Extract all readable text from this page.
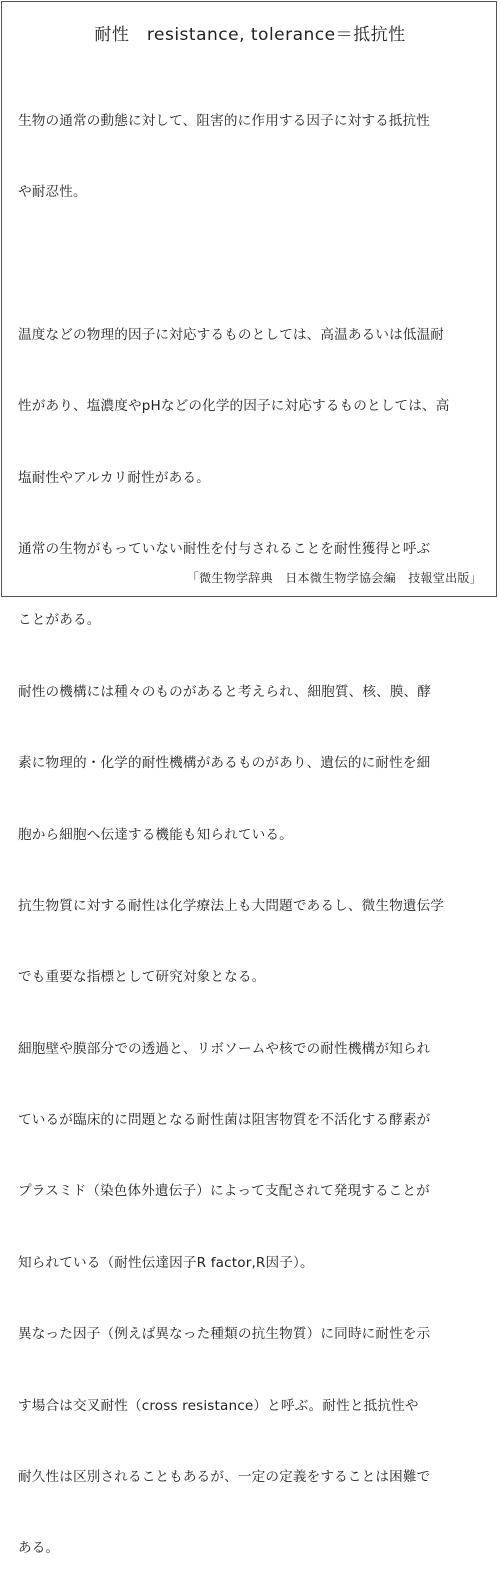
耐性　resistance, tolerance＝抵抗性

生物の通常の動態に対して、阻害的に作用する因子に対する抵抗性

や耐忍性。

温度などの物理的因子に対応するものとしては、高温あるいは低温耐

性があり、塩濃度やpHなどの化学的因子に対応するものとしては、高

塩耐性やアルカリ耐性がある。

通常の生物がもっていない耐性を付与されることを耐性獲得と呼ぶ

ことがある。

耐性の機構には種々のものがあると考えられ、細胞質、核、膜、酵

素に物理的・化学的耐性機構があるものがあり、遺伝的に耐性を細

胞から細胞へ伝達する機能も知られている。

抗生物質に対する耐性は化学療法上も大問題であるし、微生物遺伝学

でも重要な指標として研究対象となる。

細胞壁や膜部分での透過と、リボソームや核での耐性機構が知られ

ているが臨床的に問題となる耐性菌は阻害物質を不活化する酵素が

プラスミド（染色体外遺伝子）によって支配されて発現することが

知られている（耐性伝達因子R factor,R因子）。

異なった因子（例えば異なった種類の抗生物質）に同時に耐性を示

す場合は交叉耐性（cross resistance）と呼ぶ。耐性と抵抗性や

耐久性は区別されることもあるが、一定の定義をすることは困難で

ある。

「微生物学辞典　日本微生物学協会編　技報堂出版」
